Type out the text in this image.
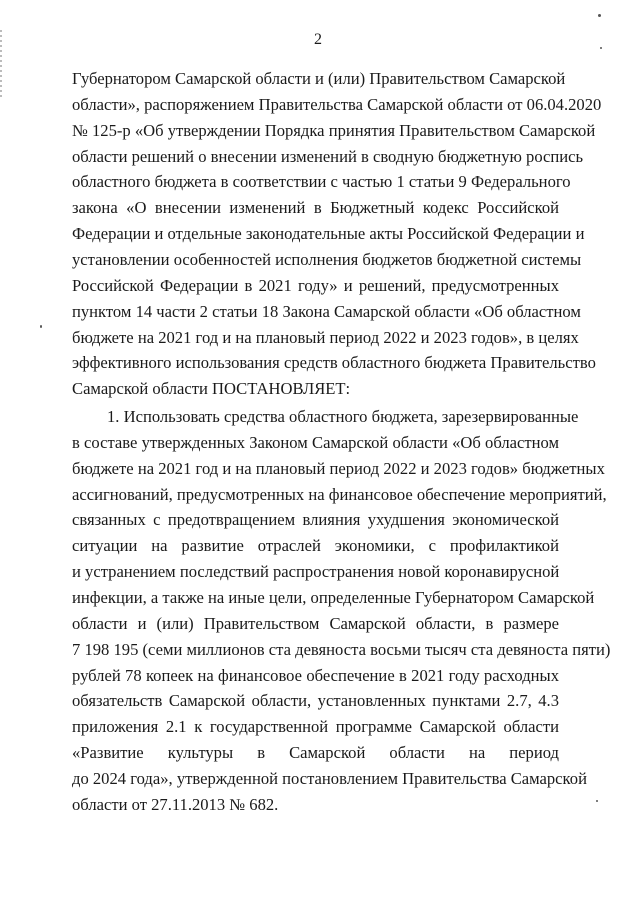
2
Губернатором Самарской области и (или) Правительством Самарской
области», распоряжением Правительства Самарской области от 06.04.2020
№ 125-р «Об утверждении Порядка принятия Правительством Самарской
области решений о внесении изменений в сводную бюджетную роспись
областного бюджета в соответствии с частью 1 статьи 9 Федерального
закона «О внесении изменений в Бюджетный кодекс Российской
Федерации и отдельные законодательные акты Российской Федерации и
установлении особенностей исполнения бюджетов бюджетной системы
Российской Федерации в 2021 году» и решений, предусмотренных
пунктом 14 части 2 статьи 18 Закона Самарской области «Об областном
бюджете на 2021 год и на плановый период 2022 и 2023 годов», в целях
эффективного использования средств областного бюджета Правительство
Самарской области ПОСТАНОВЛЯЕТ:
1. Использовать средства областного бюджета, зарезервированные
в составе утвержденных Законом Самарской области «Об областном
бюджете на 2021 год и на плановый период 2022 и 2023 годов» бюджетных
ассигнований, предусмотренных на финансовое обеспечение мероприятий,
связанных с предотвращением влияния ухудшения экономической
ситуации на развитие отраслей экономики, с профилактикой
и устранением последствий распространения новой коронавирусной
инфекции, а также на иные цели, определенные Губернатором Самарской
области и (или) Правительством Самарской области, в размере
7 198 195 (семи миллионов ста девяноста восьми тысяч ста девяноста пяти)
рублей 78 копеек на финансовое обеспечение в 2021 году расходных
обязательств Самарской области, установленных пунктами 2.7, 4.3
приложения 2.1 к государственной программе Самарской области
«Развитие культуры в Самарской области на период
до 2024 года», утвержденной постановлением Правительства Самарской
области от 27.11.2013 № 682.
